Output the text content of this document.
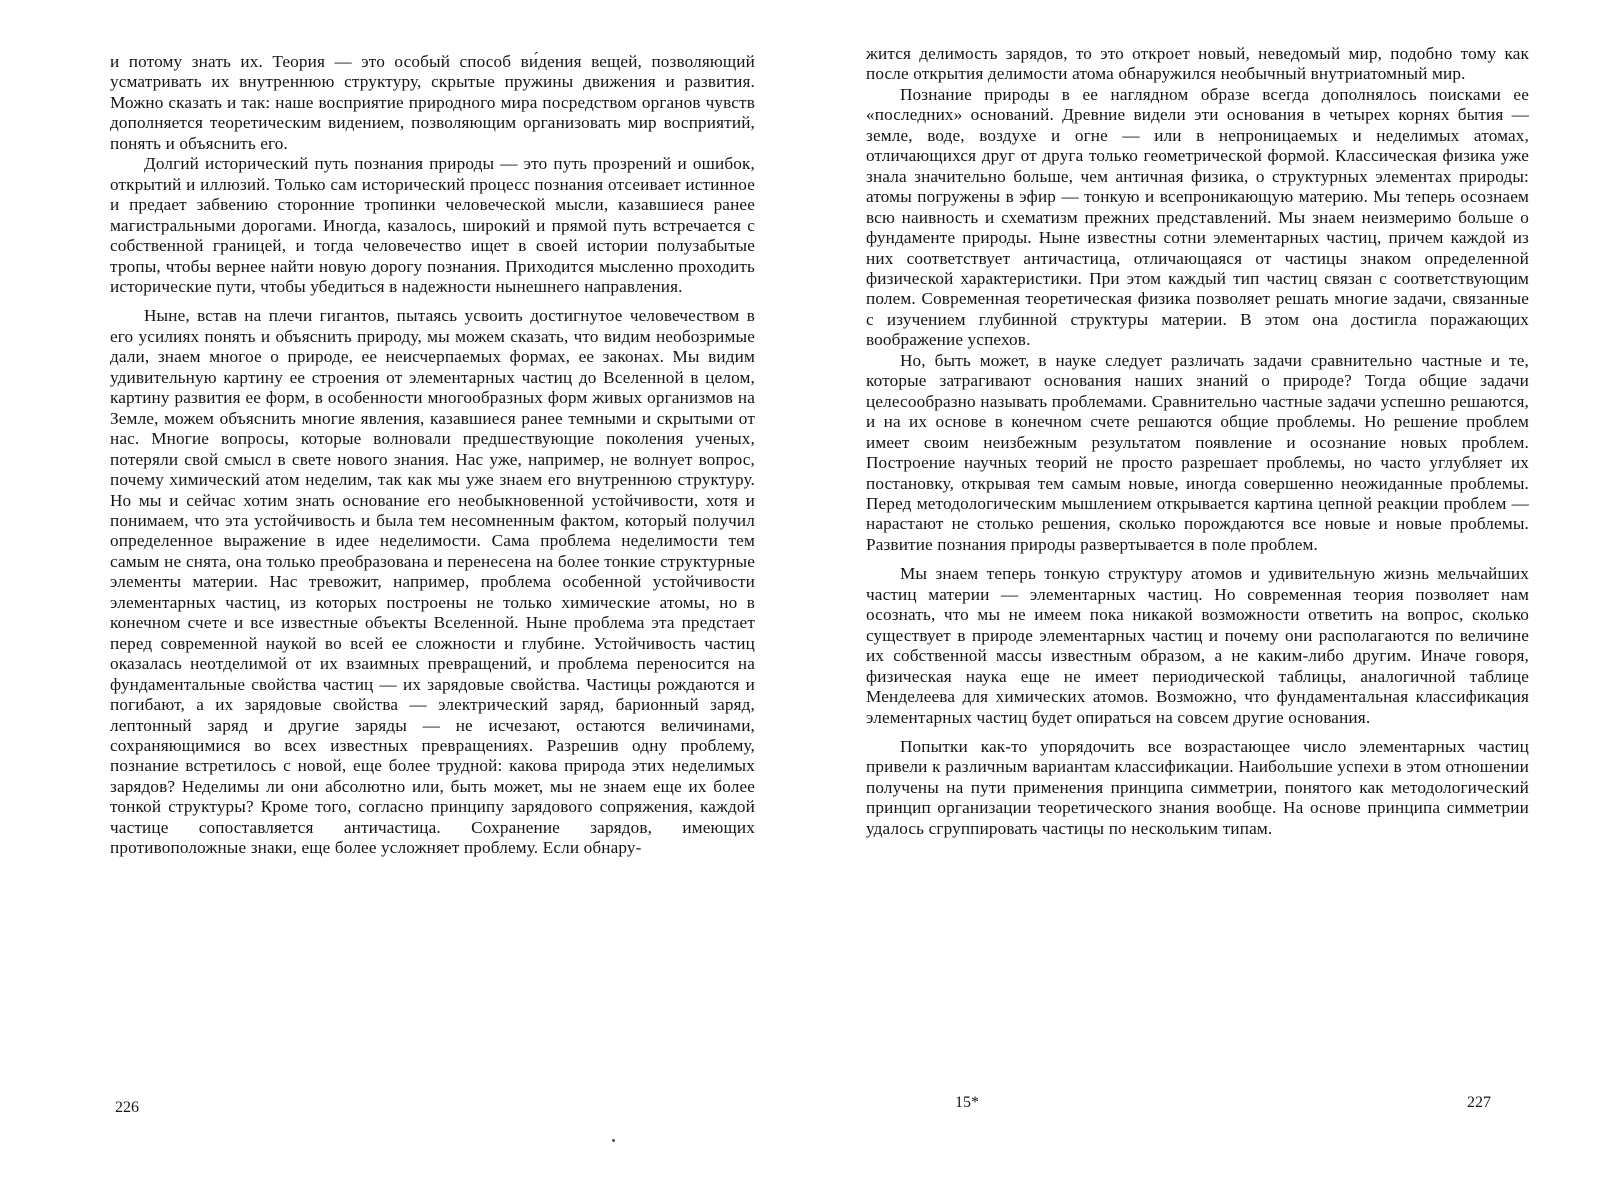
и потому знать их. Теория — это особый способ ви́дения вещей, позволяющий усматривать их внутреннюю структуру, скрытые пружины движения и развития. Можно сказать и так: наше восприятие природного мира посредством органов чувств дополняется теоретическим видением, позволяющим организовать мир восприятий, понять и объяснить его.

Долгий исторический путь познания природы — это путь прозрений и ошибок, открытий и иллюзий. Только сам исторический процесс познания отсеивает истинное и предает забвению сторонние тропинки человеческой мысли, казавшиеся ранее магистральными дорогами. Иногда, казалось, широкий и прямой путь встречается с собственной границей, и тогда человечество ищет в своей истории полузабытые тропы, чтобы вернее найти новую дорогу познания. Приходится мысленно проходить исторические пути, чтобы убедиться в надежности нынешнего направления.

Ныне, встав на плечи гигантов, пытаясь усвоить достигнутое человечеством в его усилиях понять и объяснить природу, мы можем сказать, что видим необозримые дали, знаем многое о природе, ее неисчерпаемых формах, ее законах. Мы видим удивительную картину ее строения от элементарных частиц до Вселенной в целом, картину развития ее форм, в особенности многообразных форм живых организмов на Земле, можем объяснить многие явления, казавшиеся ранее темными и скрытыми от нас. Многие вопросы, которые волновали предшествующие поколения ученых, потеряли свой смысл в свете нового знания. Нас уже, например, не волнует вопрос, почему химический атом неделим, так как мы уже знаем его внутреннюю структуру. Но мы и сейчас хотим знать основание его необыкновенной устойчивости, хотя и понимаем, что эта устойчивость и была тем несомненным фактом, который получил определенное выражение в идее неделимости. Сама проблема неделимости тем самым не снята, она только преобразована и перенесена на более тонкие структурные элементы материи. Нас тревожит, например, проблема особенной устойчивости элементарных частиц, из которых построены не только химические атомы, но в конечном счете и все известные объекты Вселенной. Ныне проблема эта предстает перед современной наукой во всей ее сложности и глубине. Устойчивость частиц оказалась неотделимой от их взаимных превращений, и проблема переносится на фундаментальные свойства частиц — их зарядовые свойства. Частицы рождаются и погибают, а их зарядовые свойства — электрический заряд, барионный заряд, лептонный заряд и другие заряды — не исчезают, остаются величинами, сохраняющимися во всех известных превращениях. Разрешив одну проблему, познание встретилось с новой, еще более трудной: какова природа этих неделимых зарядов? Неделимы ли они абсолютно или, быть может, мы не знаем еще их более тонкой структуры? Кроме того, согласно принципу зарядового сопряжения, каждой частице сопоставляется античастица. Сохранение зарядов, имеющих противоположные знаки, еще более усложняет проблему. Если обнару-

226

жится делимость зарядов, то это откроет новый, неведомый мир, подобно тому как после открытия делимости атома обнаружился необычный внутриатомный мир.

Познание природы в ее наглядном образе всегда дополнялось поисками ее «последних» оснований. Древние видели эти основания в четырех корнях бытия — земле, воде, воздухе и огне — или в непроницаемых и неделимых атомах, отличающихся друг от друга только геометрической формой. Классическая физика уже знала значительно больше, чем античная физика, о структурных элементах природы: атомы погружены в эфир — тонкую и всепроникающую материю. Мы теперь осознаем всю наивность и схематизм прежних представлений. Мы знаем неизмеримо больше о фундаменте природы. Ныне известны сотни элементарных частиц, причем каждой из них соответствует античастица, отличающаяся от частицы знаком определенной физической характеристики. При этом каждый тип частиц связан с соответствующим полем. Современная теоретическая физика позволяет решать многие задачи, связанные с изучением глубинной структуры материи. В этом она достигла поражающих воображение успехов.

Но, быть может, в науке следует различать задачи сравнительно частные и те, которые затрагивают основания наших знаний о природе? Тогда общие задачи целесообразно называть проблемами. Сравнительно частные задачи успешно решаются, и на их основе в конечном счете решаются общие проблемы. Но решение проблем имеет своим неизбежным результатом появление и осознание новых проблем. Построение научных теорий не просто разрешает проблемы, но часто углубляет их постановку, открывая тем самым новые, иногда совершенно неожиданные проблемы. Перед методологическим мышлением открывается картина цепной реакции проблем — нарастают не столько решения, сколько порождаются все новые и новые проблемы. Развитие познания природы развертывается в поле проблем.

Мы знаем теперь тонкую структуру атомов и удивительную жизнь мельчайших частиц материи — элементарных частиц. Но современная теория позволяет нам осознать, что мы не имеем пока никакой возможности ответить на вопрос, сколько существует в природе элементарных частиц и почему они располагаются по величине их собственной массы известным образом, а не каким-либо другим. Иначе говоря, физическая наука еще не имеет периодической таблицы, аналогичной таблице Менделеева для химических атомов. Возможно, что фундаментальная классификация элементарных частиц будет опираться на совсем другие основания.

Попытки как-то упорядочить все возрастающее число элементарных частиц привели к различным вариантам классификации. Наибольшие успехи в этом отношении получены на пути применения принципа симметрии, понятого как методологический принцип организации теоретического знания вообще. На основе принципа симметрии удалось сгруппировать частицы по нескольким типам.

15*	227
